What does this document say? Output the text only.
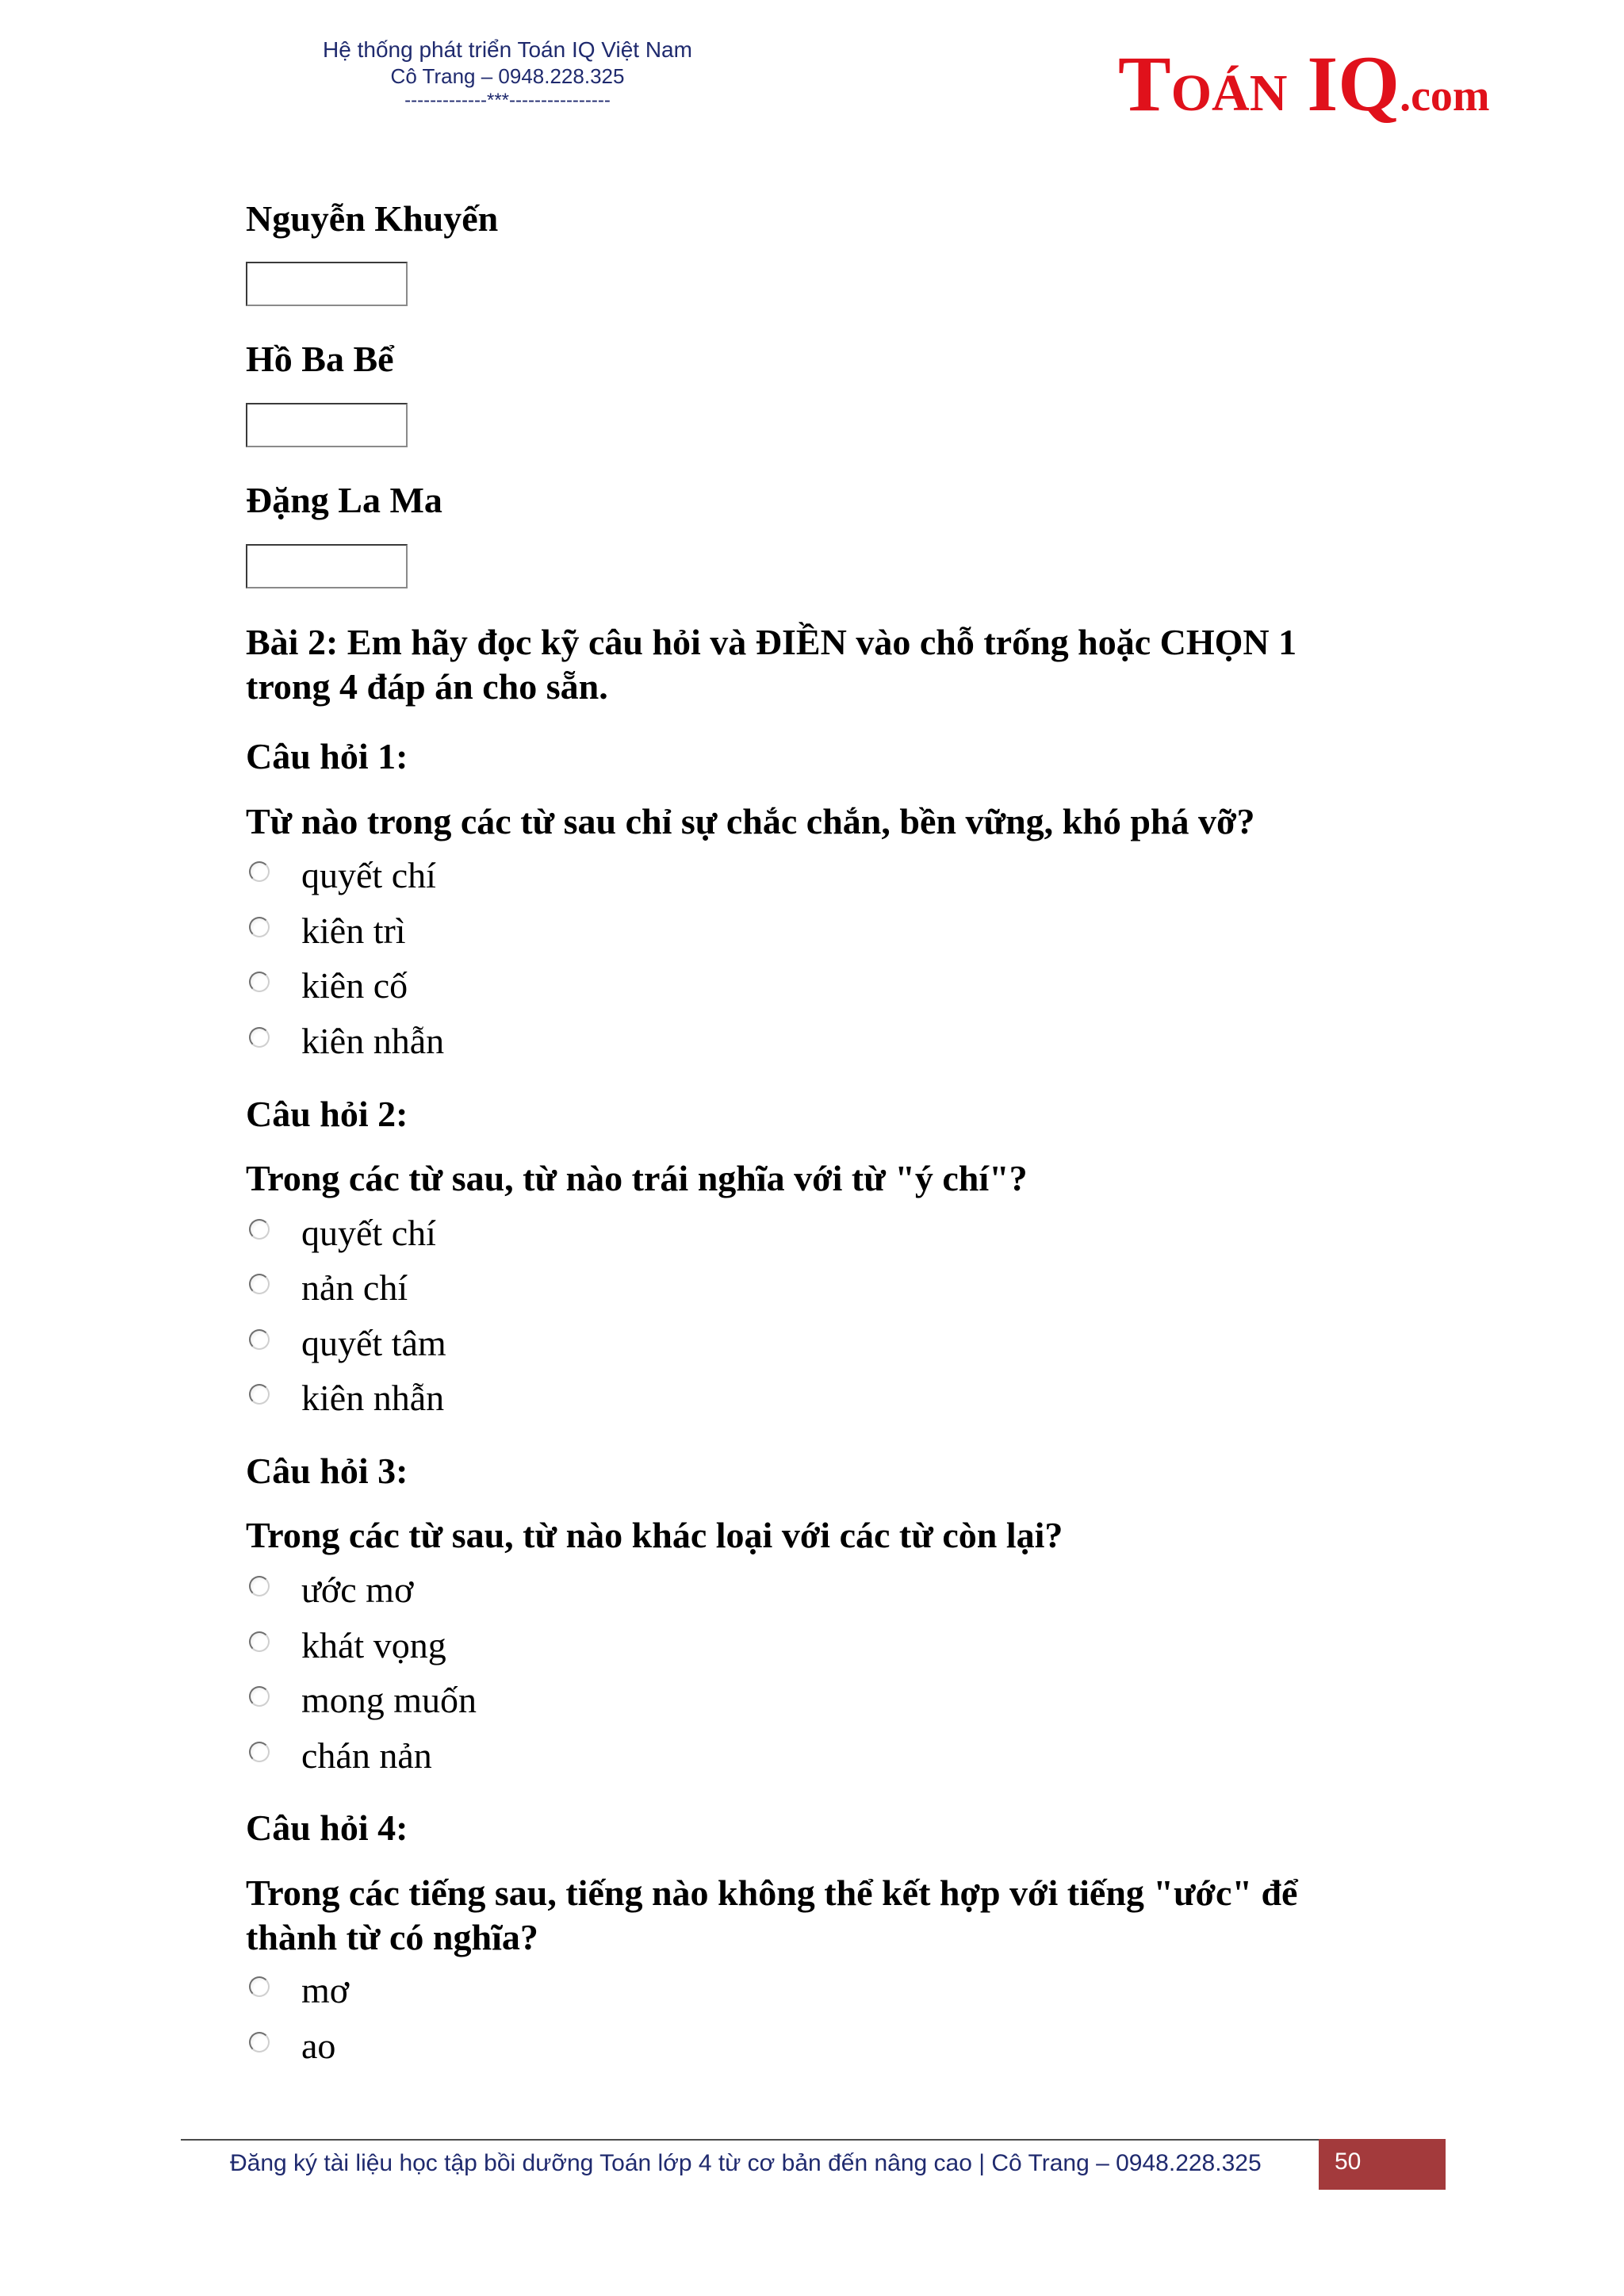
Hệ thống phát triển Toán IQ Việt Nam
Cô Trang – 0948.228.325
-------------***----------------	TOÁN IQ.com
Nguyễn Khuyến
Hồ Ba Bể
Đặng La Ma
Bài 2: Em hãy đọc kỹ câu hỏi và ĐIỀN vào chỗ trống hoặc CHỌN 1 trong 4 đáp án cho sẵn.
Câu hỏi 1:
Từ nào trong các từ sau chỉ sự chắc chắn, bền vững, khó phá vỡ?
quyết chí
kiên trì
kiên cố
kiên nhẫn
Câu hỏi 2:
Trong các từ sau, từ nào trái nghĩa với từ "ý chí"?
quyết chí
nản chí
quyết tâm
kiên nhẫn
Câu hỏi 3:
Trong các từ sau, từ nào khác loại với các từ còn lại?
ước mơ
khát vọng
mong muốn
chán nản
Câu hỏi 4:
Trong các tiếng sau, tiếng nào không thể kết hợp với tiếng "ước" để thành từ có nghĩa?
mơ
ao
Đăng ký tài liệu học tập bồi dưỡng Toán lớp 4 từ cơ bản đến nâng cao | Cô Trang – 0948.228.325	50
